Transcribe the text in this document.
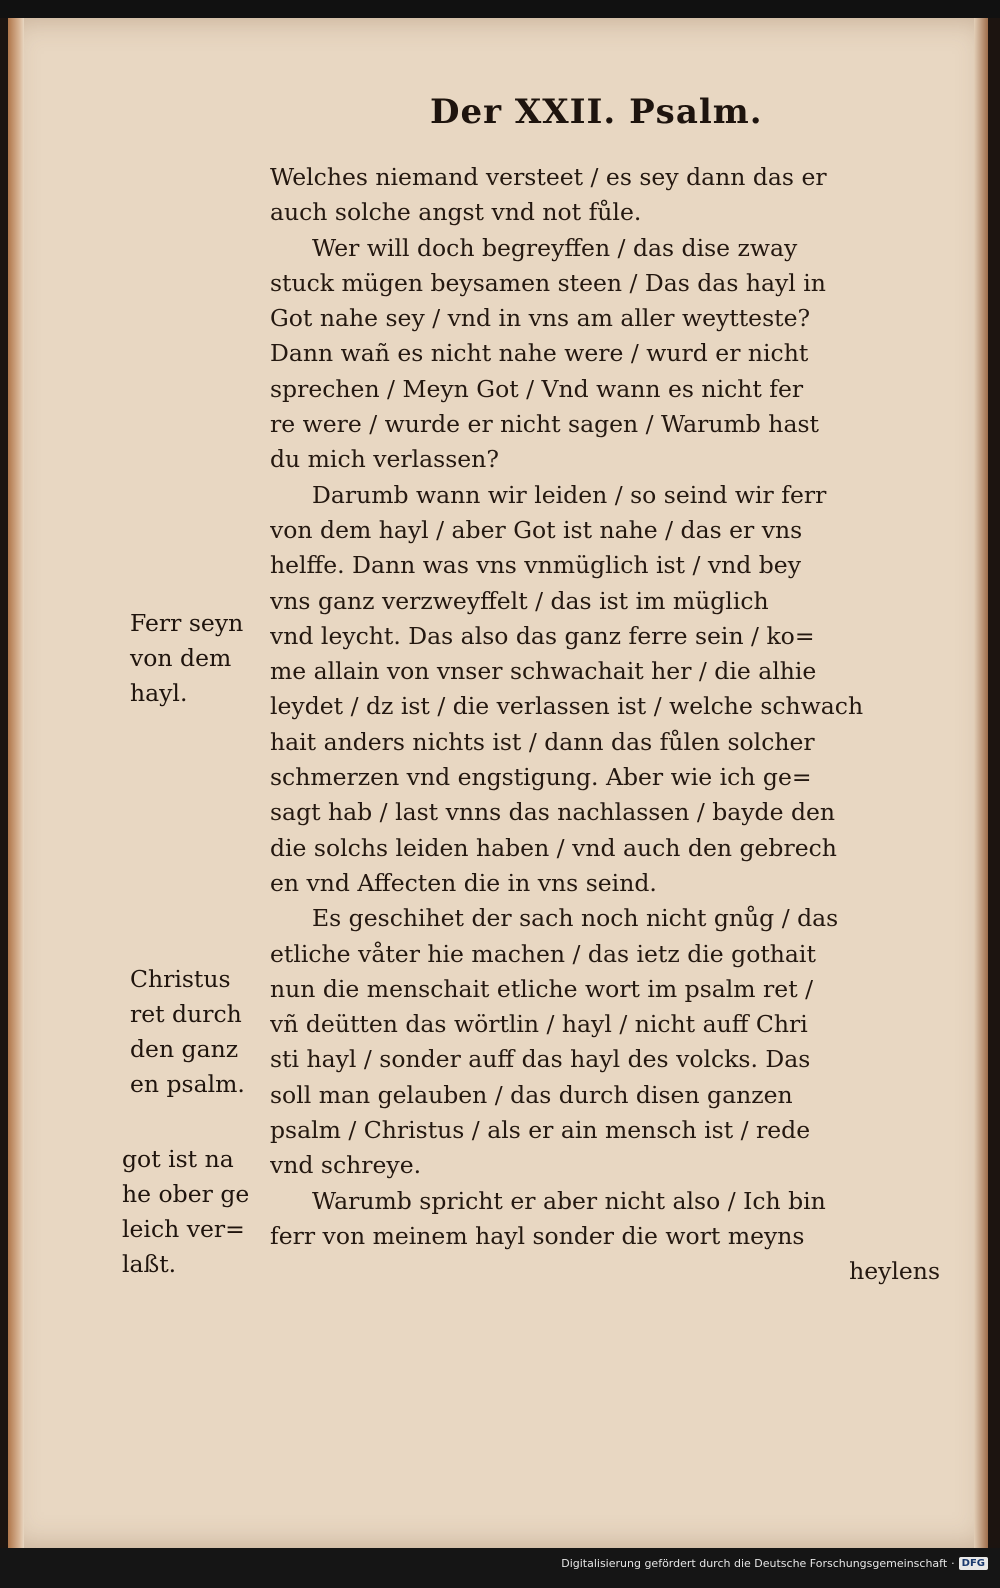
Der XXII. Psalm.
Welches niemand versteet / es sey dann das er
auch solche angst vnd not fůle.
Wer will doch begreyffen / das dise zway
stuck mügen beysamen steen / Das das hayl in
Got nahe sey / vnd in vns am aller weytteste?
Dann wañ es nicht nahe were / wurd er nicht
sprechen / Meyn Got / Vnd wann es nicht fer
re were / wurde er nicht sagen / Warumb hast
du mich verlassen?
Darumb wann wir leiden / so seind wir ferr
von dem hayl / aber Got ist nahe / das er vns
helffe. Dann was vns vnmüglich ist / vnd bey
vns ganz verzweyffelt / das ist im müglich
vnd leycht. Das also das ganz ferre sein / ko=
me allain von vnser schwachait her / die alhie
leydet / dz ist / die verlassen ist / welche schwach
hait anders nichts ist / dann das fůlen solcher
schmerzen vnd engstigung. Aber wie ich ge=
sagt hab / last vnns das nachlassen / bayde den
die solchs leiden haben / vnd auch den gebrech
en vnd Affecten die in vns seind.
Es geschihet der sach noch nicht gnůg / das
etliche våter hie machen / das ietz die gothait
nun die menschait etliche wort im psalm ret /
vñ deütten das wörtlin / hayl / nicht auff Chri
sti hayl / sonder auff das hayl des volcks. Das
soll man gelauben / das durch disen ganzen
psalm / Christus / als er ain mensch ist / rede
vnd schreye.
Warumb spricht er aber nicht also / Ich bin
ferr von meinem hayl sonder die wort meyns
heylens
Ferr seyn
von dem
hayl.
Christus
ret durch
den ganz
en psalm.
got ist na
he ober ge
leich ver=
laßt.
Digitalisierung gefördert durch die Deutsche Forschungsgemeinschaft · DFG
